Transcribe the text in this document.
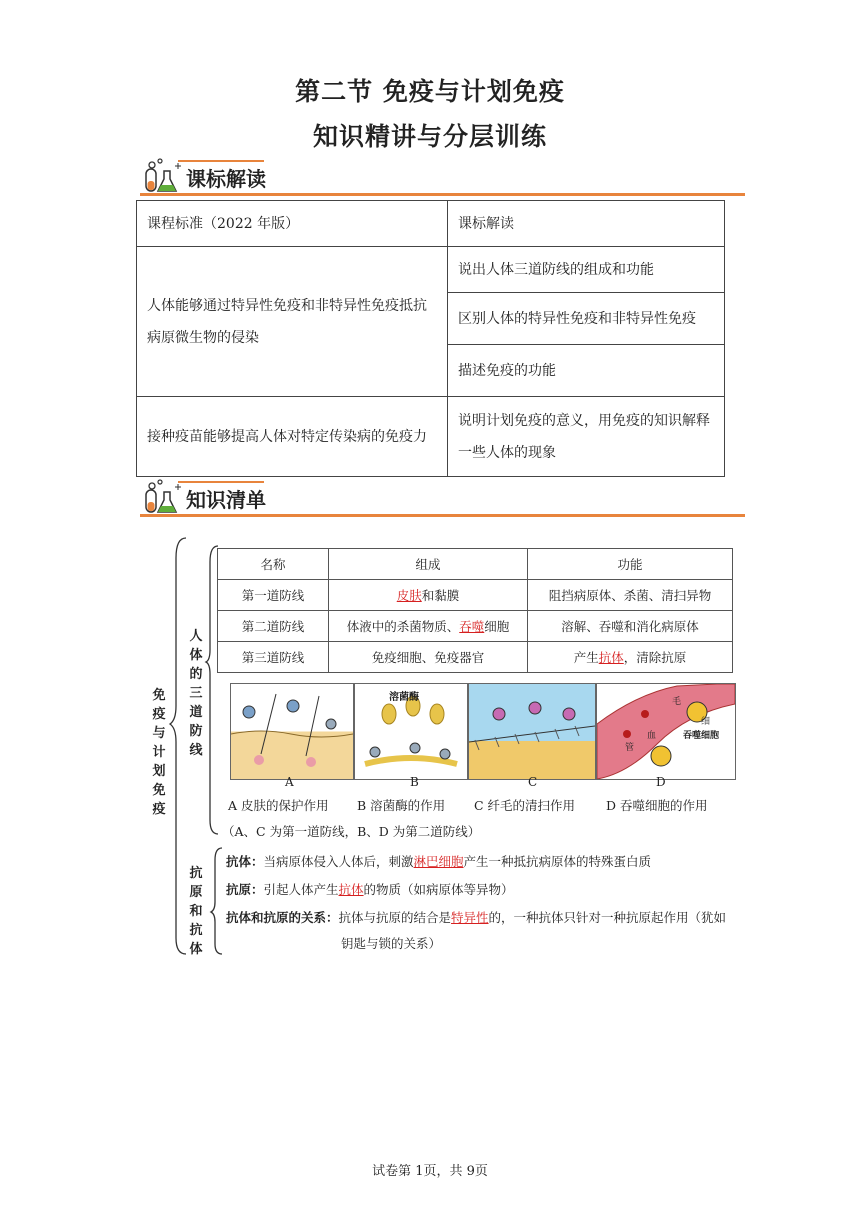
第二节 免疫与计划免疫
知识精讲与分层训练
课标解读
课程标准（2022 年版）	课标解读
人体能够通过特异性免疫和非特异性免疫抵抗病原微生物的侵染	说出人体三道防线的组成和功能
	区别人体的特异性免疫和非特异性免疫
	描述免疫的功能
接种疫苗能够提高人体对特定传染病的免疫力	说明计划免疫的意义，用免疫的知识解释一些人体的现象
知识清单
免疫与计划免疫
人体的三道防线
抗原和抗体
名称	组成	功能
第一道防线	皮肤和黏膜	阻挡病原体、杀菌、清扫异物
第二道防线	体液中的杀菌物质、吞噬细胞	溶解、吞噬和消化病原体
第三道防线	免疫细胞、免疫器官	产生抗体，清除抗原
溶菌酶	毛
细
管
血	吞噬细胞
A	B	C	D
A 皮肤的保护作用 B 溶菌酶的作用 C 纤毛的清扫作用 D 吞噬细胞的作用
（A、C 为第一道防线，B、D 为第二道防线）
抗体：当病原体侵入人体后，刺激淋巴细胞产生一种抵抗病原体的特殊蛋白质
抗原：引起人体产生抗体的物质（如病原体等异物）
抗体和抗原的关系：抗体与抗原的结合是特异性的，一种抗体只针对一种抗原起作用（犹如
钥匙与锁的关系）
试卷第 1页，共 9页
